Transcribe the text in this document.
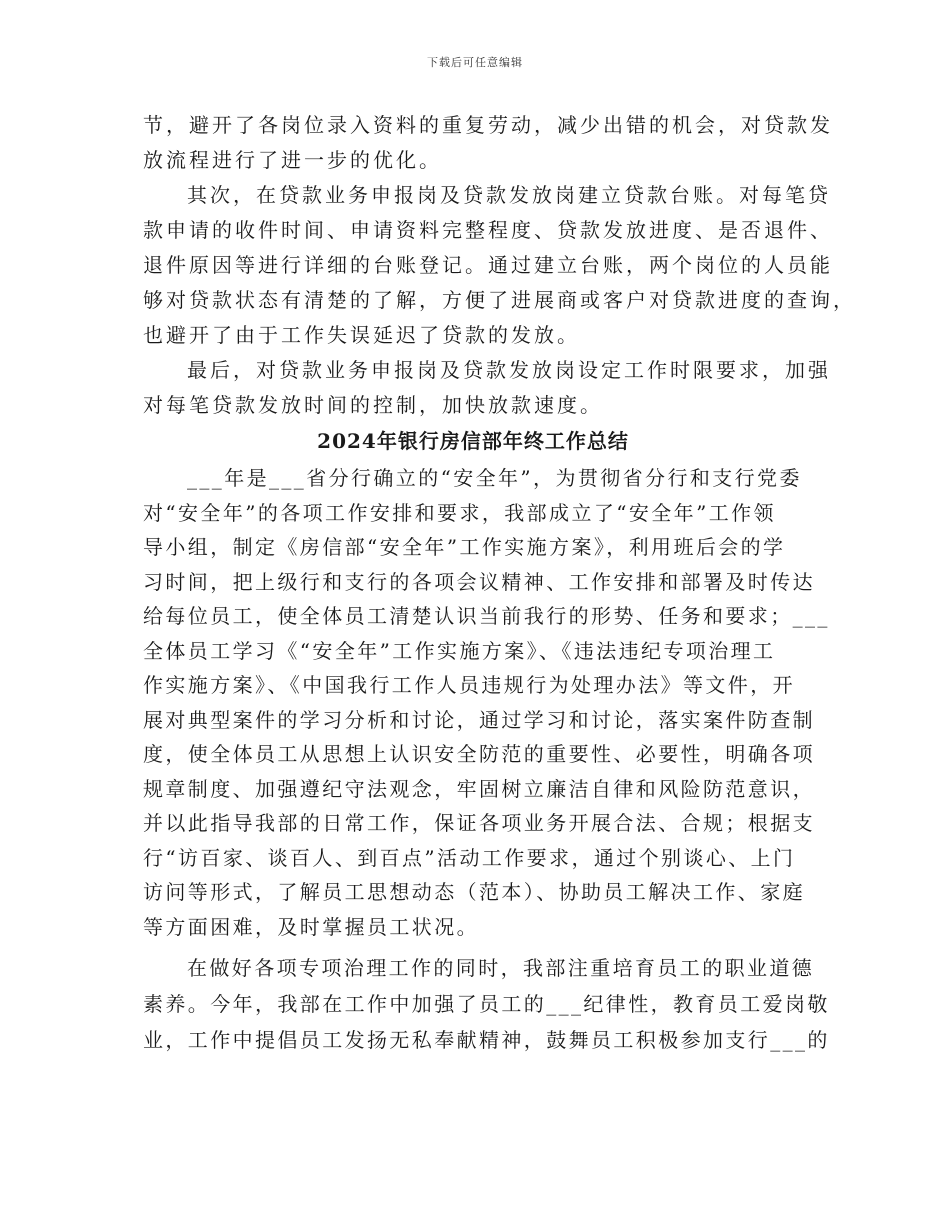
下载后可任意编辑
节，避开了各岗位录入资料的重复劳动，减少出错的机会，对贷款发
放流程进行了进一步的优化。
其次，在贷款业务申报岗及贷款发放岗建立贷款台账。对每笔贷
款申请的收件时间、申请资料完整程度、贷款发放进度、是否退件、
退件原因等进行详细的台账登记。通过建立台账，两个岗位的人员能
够对贷款状态有清楚的了解，方便了进展商或客户对贷款进度的查询，
也避开了由于工作失误延迟了贷款的发放。
最后，对贷款业务申报岗及贷款发放岗设定工作时限要求，加强
对每笔贷款发放时间的控制，加快放款速度。
2024年银行房信部年终工作总结
___年是___省分行确立的“安全年”，为贯彻省分行和支行党委
对“安全年”的各项工作安排和要求，我部成立了“安全年”工作领
导小组，制定《房信部“安全年”工作实施方案》，利用班后会的学
习时间，把上级行和支行的各项会议精神、工作安排和部署及时传达
给每位员工，使全体员工清楚认识当前我行的形势、任务和要求；___
全体员工学习《“安全年”工作实施方案》、《违法违纪专项治理工
作实施方案》、《中国我行工作人员违规行为处理办法》等文件，开
展对典型案件的学习分析和讨论，通过学习和讨论，落实案件防查制
度，使全体员工从思想上认识安全防范的重要性、必要性，明确各项
规章制度、加强遵纪守法观念，牢固树立廉洁自律和风险防范意识，
并以此指导我部的日常工作，保证各项业务开展合法、合规；根据支
行“访百家、谈百人、到百点”活动工作要求，通过个别谈心、上门
访问等形式，了解员工思想动态（范本）、协助员工解决工作、家庭
等方面困难，及时掌握员工状况。
在做好各项专项治理工作的同时，我部注重培育员工的职业道德
素养。今年，我部在工作中加强了员工的___纪律性，教育员工爱岗敬
业，工作中提倡员工发扬无私奉献精神，鼓舞员工积极参加支行___的
